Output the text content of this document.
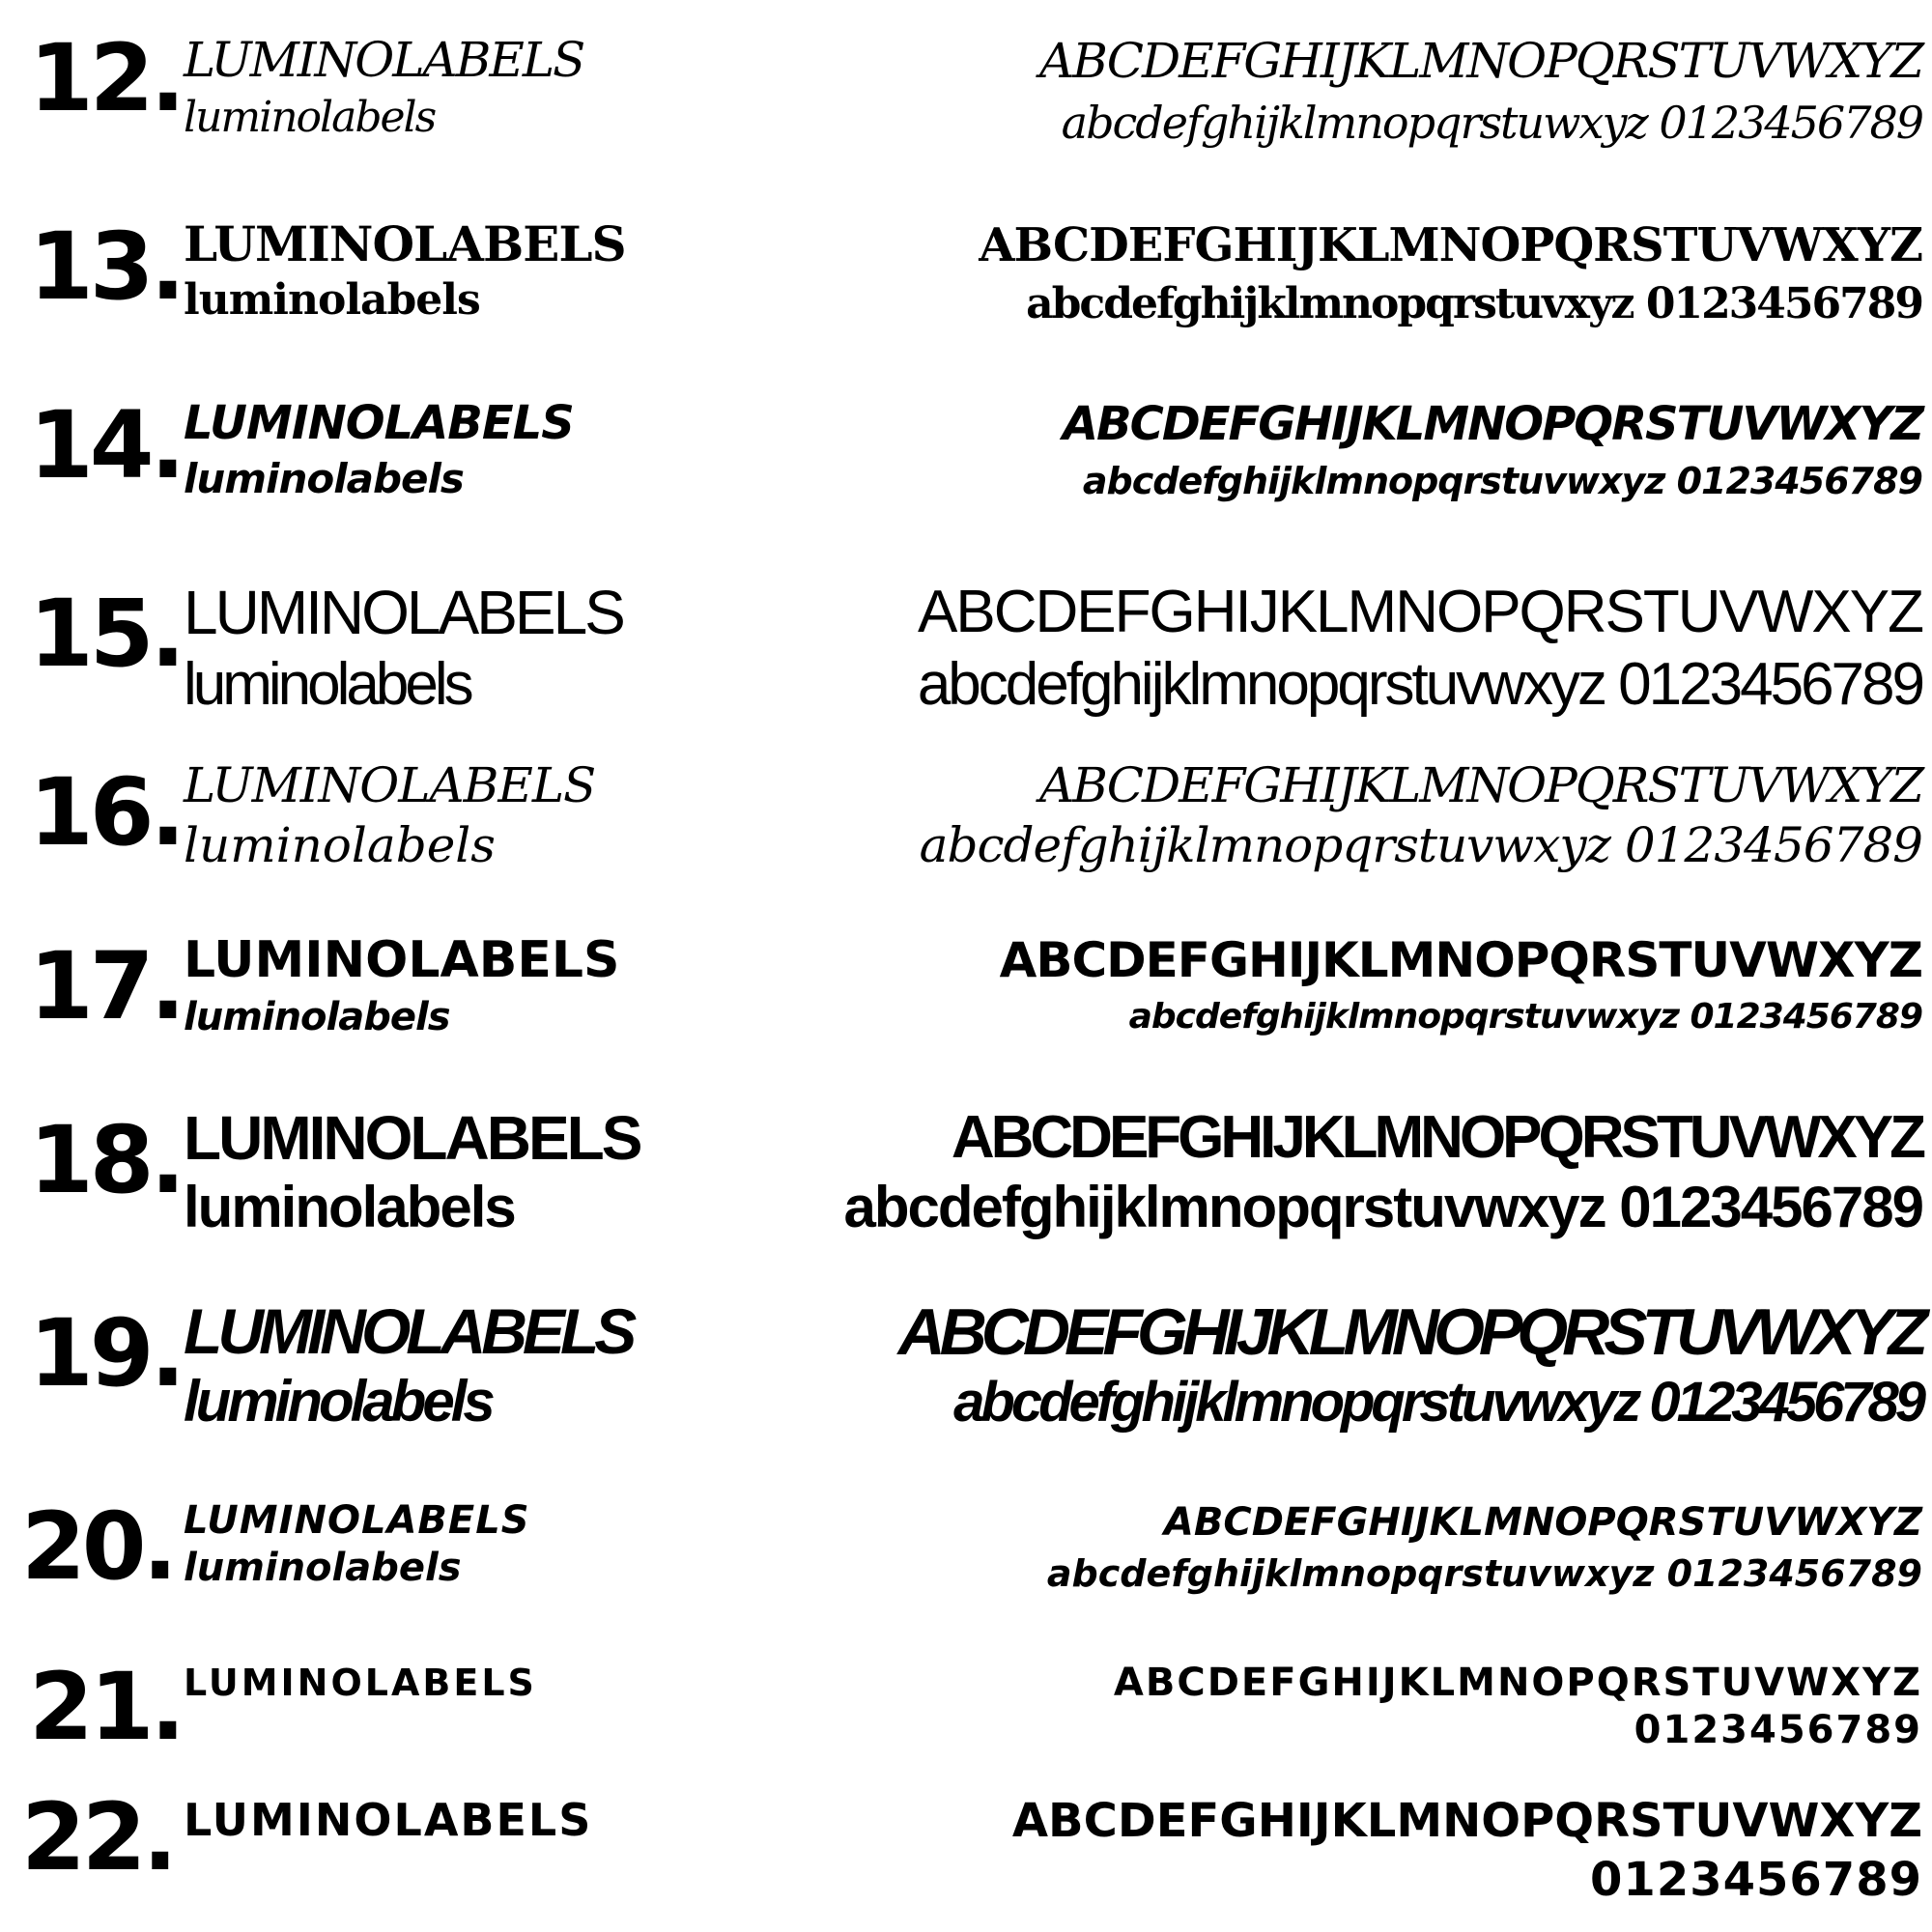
12. LUMINOLABELS
luminolabels
ABCDEFGHIJKLMNOPQRSTUVWXYZ
abcdefghijklmnopqrstuwxyz 0123456789
13. LUMINOLABELS
luminolabels
ABCDEFGHIJKLMNOPQRSTUVWXYZ
abcdefghijklmnopqrstuvxyz 0123456789
14. LUMINOLABELS
luminolabels
ABCDEFGHIJKLMNOPQRSTUVWXYZ
abcdefghijklmnopqrstuvwxyz 0123456789
15. LUMINOLABELS
luminolabels
ABCDEFGHIJKLMNOPQRSTUVWXYZ
abcdefghijklmnopqrstuvwxyz 0123456789
16. LUMINOLABELS
luminolabels
ABCDEFGHIJKLMNOPQRSTUVWXYZ
abcdefghijklmnopqrstuvwxyz 0123456789
17. LUMINOLABELS
luminolabels
ABCDEFGHIJKLMNOPQRSTUVWXYZ
abcdefghijklmnopqrstuvwxyz 0123456789
18. LUMINOLABELS
luminolabels
ABCDEFGHIJKLMNOPQRSTUVWXYZ
abcdefghijklmnopqrstuvwxyz 0123456789
19. LUMINOLABELS
luminolabels
ABCDEFGHIJKLMNOPQRSTUVWXYZ
abcdefghijklmnopqrstuvwxyz 0123456789
20. LUMINOLABELS
luminolabels
ABCDEFGHIJKLMNOPQRSTUVWXYZ
abcdefghijklmnopqrstuvwxyz 0123456789
21. LUMINOLABELS	ABCDEFGHIJKLMNOPQRSTUVWXYZ
0123456789
22. LUMINOLABELS	ABCDEFGHIJKLMNOPQRSTUVWXYZ
0123456789
